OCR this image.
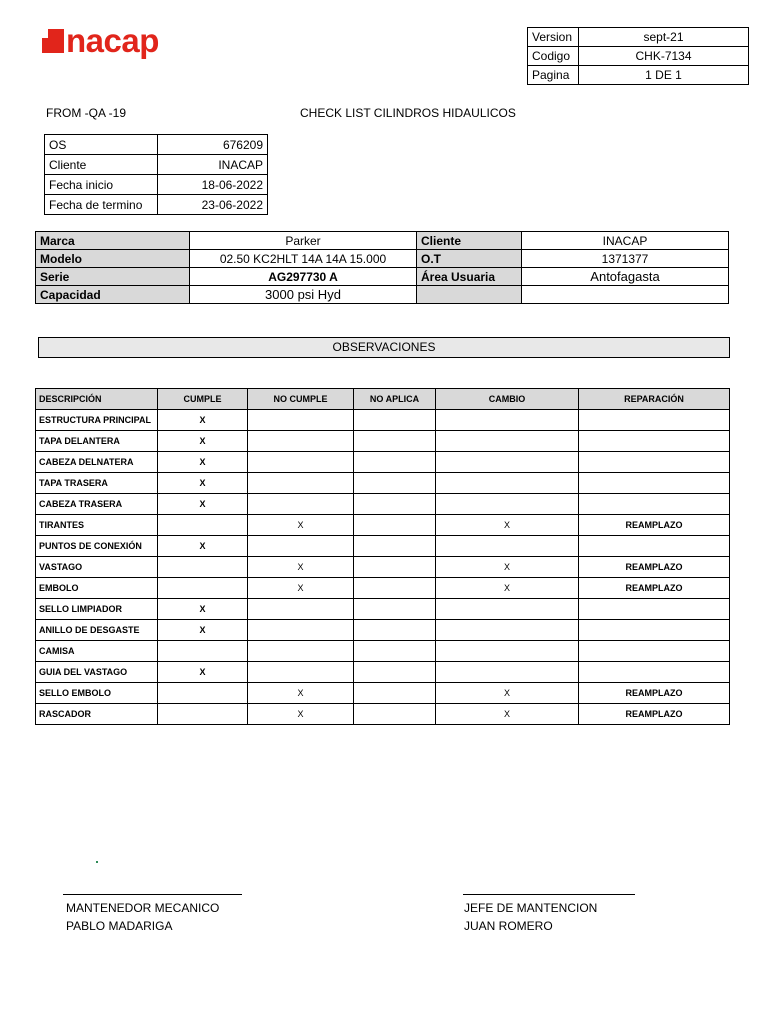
nacap	Version	sept-21
Codigo	CHK-7134
Pagina	1 DE 1
FROM -QA -19	CHECK LIST CILINDROS HIDAULICOS
OS	676209
Cliente	INACAP
Fecha inicio	18-06-2022
Fecha de termino	23-06-2022
Marca	Parker	Cliente	INACAP
Modelo	02.50 KC2HLT 14A 14A 15.000	O.T	1371377
Serie	AG297730 A	Área Usuaria	Antofagasta
Capacidad	3000 psi Hyd		
OBSERVACIONES
DESCRIPCIÓN	CUMPLE	NO CUMPLE	NO APLICA	CAMBIO	REPARACIÓN
ESTRUCTURA PRINCIPAL	X				
TAPA DELANTERA	X				
CABEZA DELNATERA	X				
TAPA TRASERA	X				
CABEZA TRASERA	X				
TIRANTES		X		X	REAMPLAZO
PUNTOS DE CONEXIÓN	X				
VASTAGO		X		X	REAMPLAZO
EMBOLO		X		X	REAMPLAZO
SELLO LIMPIADOR	X				
ANILLO DE DESGASTE	X				
CAMISA					
GUIA DEL VASTAGO	X				
SELLO EMBOLO		X		X	REAMPLAZO
RASCADOR		X		X	REAMPLAZO
MANTENEDOR MECANICO
PABLO MADARIGA
JEFE DE MANTENCION
JUAN ROMERO
